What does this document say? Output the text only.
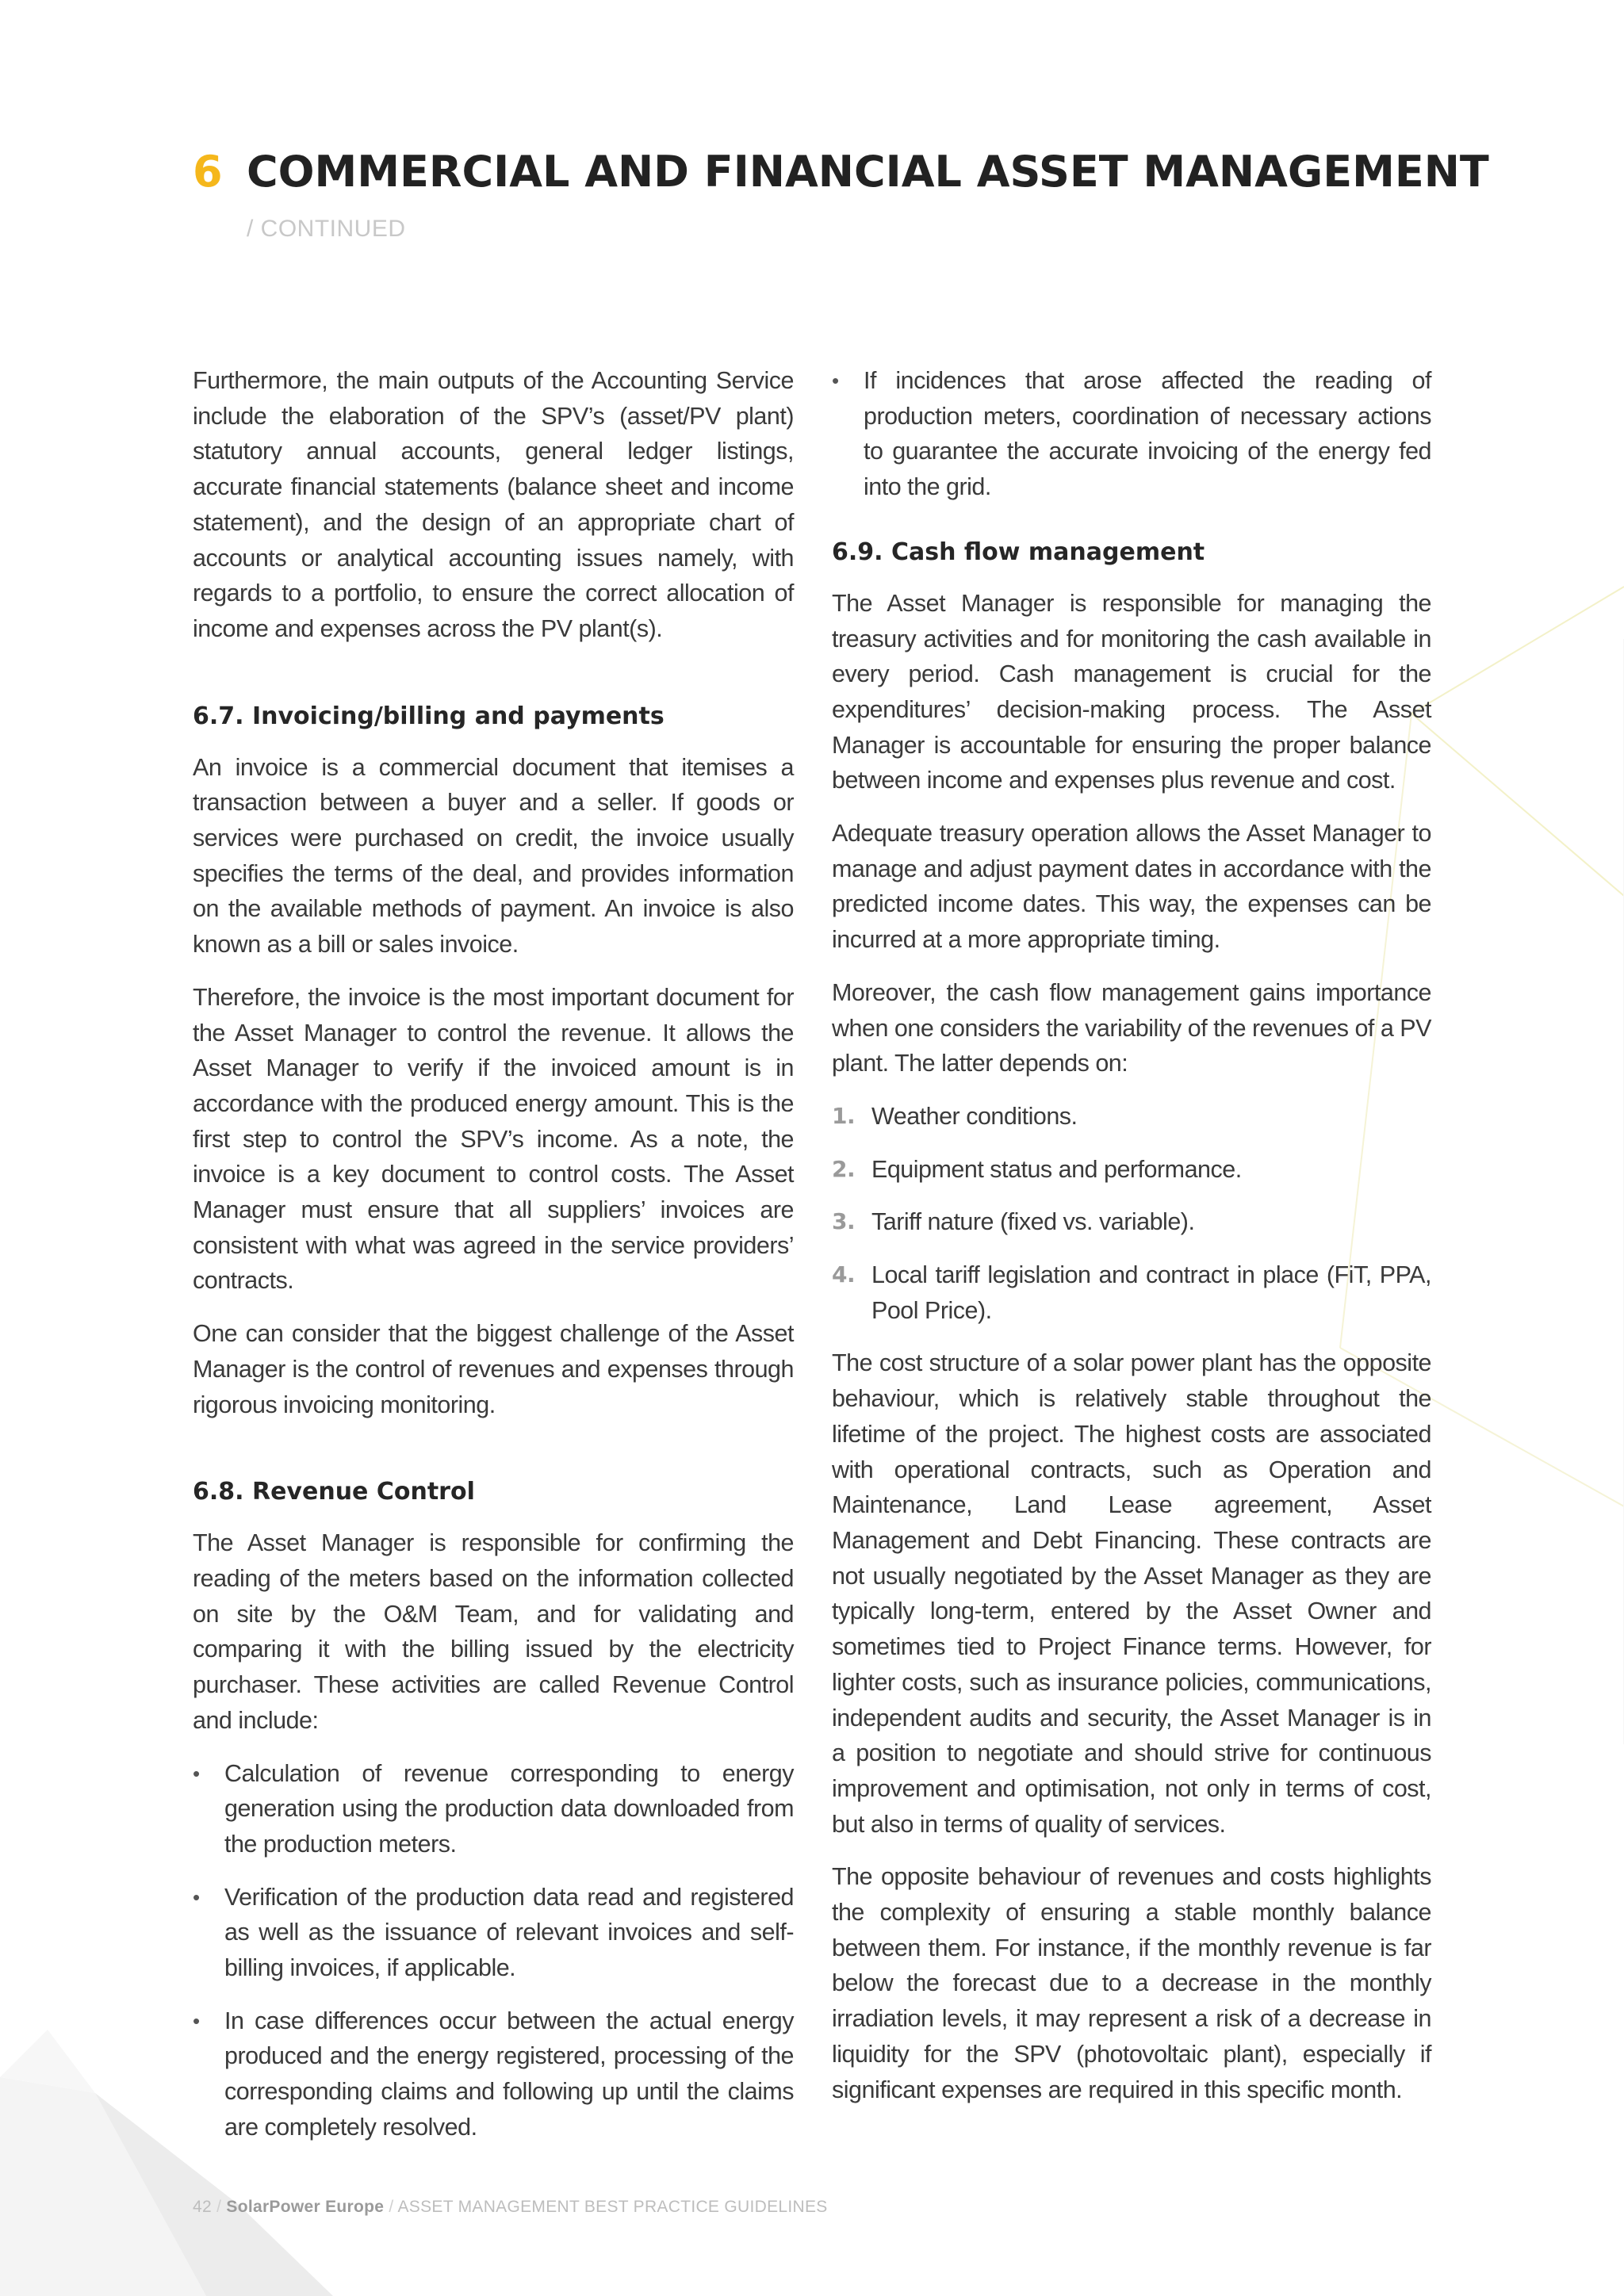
6 COMMERCIAL AND FINANCIAL ASSET MANAGEMENT
/ CONTINUED

Furthermore, the main outputs of the Accounting Service include the elaboration of the SPV’s (asset/PV plant) statutory annual accounts, general ledger listings, accurate financial statements (balance sheet and income statement), and the design of an appropriate chart of accounts or analytical accounting issues namely, with regards to a portfolio, to ensure the correct allocation of income and expenses across the PV plant(s).

6.7. Invoicing/billing and payments

An invoice is a commercial document that itemises a transaction between a buyer and a seller. If goods or services were purchased on credit, the invoice usually specifies the terms of the deal, and provides information on the available methods of payment. An invoice is also known as a bill or sales invoice.

Therefore, the invoice is the most important document for the Asset Manager to control the revenue. It allows the Asset Manager to verify if the invoiced amount is in accordance with the produced energy amount. This is the first step to control the SPV’s income. As a note, the invoice is a key document to control costs. The Asset Manager must ensure that all suppliers’ invoices are consistent with what was agreed in the service providers’ contracts.

One can consider that the biggest challenge of the Asset Manager is the control of revenues and expenses through rigorous invoicing monitoring.

6.8. Revenue Control

The Asset Manager is responsible for confirming the reading of the meters based on the information collected on site by the O&M Team, and for validating and comparing it with the billing issued by the electricity purchaser. These activities are called Revenue Control and include:

• Calculation of revenue corresponding to energy generation using the production data downloaded from the production meters.
• Verification of the production data read and registered as well as the issuance of relevant invoices and self-billing invoices, if applicable.
• In case differences occur between the actual energy produced and the energy registered, processing of the corresponding claims and following up until the claims are completely resolved.
• If incidences that arose affected the reading of production meters, coordination of necessary actions to guarantee the accurate invoicing of the energy fed into the grid.
6.9. Cash flow management

The Asset Manager is responsible for managing the treasury activities and for monitoring the cash available in every period. Cash management is crucial for the expenditures’ decision-making process. The Asset Manager is accountable for ensuring the proper balance between income and expenses plus revenue and cost.

Adequate treasury operation allows the Asset Manager to manage and adjust payment dates in accordance with the predicted income dates. This way, the expenses can be incurred at a more appropriate timing.

Moreover, the cash flow management gains importance when one considers the variability of the revenues of a PV plant. The latter depends on:

1. Weather conditions.
2. Equipment status and performance.
3. Tariff nature (fixed vs. variable).
4. Local tariff legislation and contract in place (FiT, PPA, Pool Price).

The cost structure of a solar power plant has the opposite behaviour, which is relatively stable throughout the lifetime of the project. The highest costs are associated with operational contracts, such as Operation and Maintenance, Land Lease agreement, Asset Management and Debt Financing. These contracts are not usually negotiated by the Asset Manager as they are typically long-term, entered by the Asset Owner and sometimes tied to Project Finance terms. However, for lighter costs, such as insurance policies, communications, independent audits and security, the Asset Manager is in a position to negotiate and should strive for continuous improvement and optimisation, not only in terms of cost, but also in terms of quality of services.

The opposite behaviour of revenues and costs highlights the complexity of ensuring a stable monthly balance between them. For instance, if the monthly revenue is far below the forecast due to a decrease in the monthly irradiation levels, it may represent a risk of a decrease in liquidity for the SPV (photovoltaic plant), especially if significant expenses are required in this specific month.

42 / SolarPower Europe / ASSET MANAGEMENT BEST PRACTICE GUIDELINES
